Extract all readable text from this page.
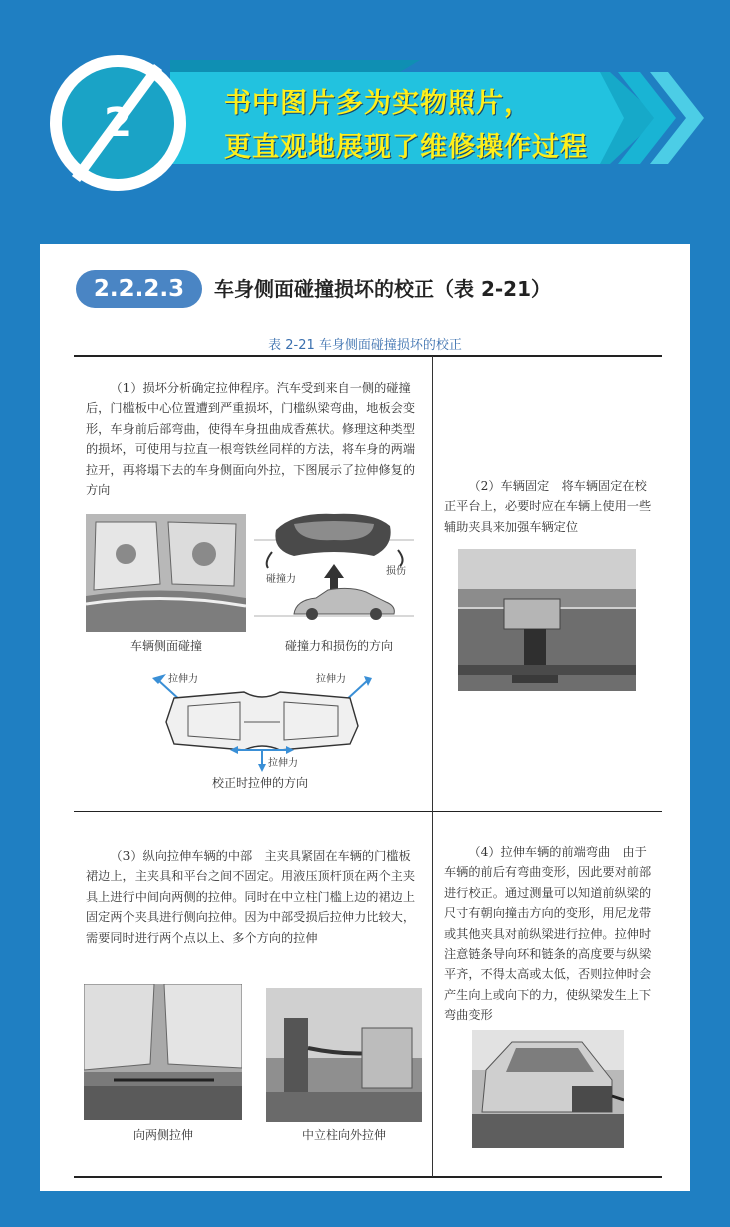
2	书中图片多为实物照片，
更直观地展现了维修操作过程
2.2.2.3	车身侧面碰撞损坏的校正（表 2-21）
表 2-21 车身侧面碰撞损坏的校正

（1）损坏分析确定拉伸程序。汽车受到来自一侧的碰撞后，门槛板中心位置遭到严重损坏，门槛纵梁弯曲，地板会变形，车身前后部弯曲，使得车身扭曲成香蕉状。修理这种类型的损坏，可使用与拉直一根弯铁丝同样的方法，将车身的两端拉开，再将塌下去的车身侧面向外拉，下图展示了拉伸修复的方向

车辆侧面碰撞
碰撞力
损伤
碰撞力和损伤的方向
拉伸力	拉伸力
拉伸力
校正时拉伸的方向

（2）车辆固定　将车辆固定在校正平台上，必要时应在车辆上使用一些辅助夹具来加强车辆定位

（3）纵向拉伸车辆的中部　主夹具紧固在车辆的门槛板裙边上，主夹具和平台之间不固定。用液压顶杆顶在两个主夹具上进行中间向两侧的拉伸。同时在中立柱门槛上边的裙边上固定两个夹具进行侧向拉伸。因为中部受损后拉伸力比较大，需要同时进行两个点以上、多个方向的拉伸

向两侧拉伸	中立柱向外拉伸

（4）拉伸车辆的前端弯曲　由于车辆的前后有弯曲变形，因此要对前部进行校正。通过测量可以知道前纵梁的尺寸有朝向撞击方向的变形，用尼龙带或其他夹具对前纵梁进行拉伸。拉伸时注意链条导向环和链条的高度要与纵梁平齐，不得太高或太低，否则拉伸时会产生向上或向下的力，使纵梁发生上下弯曲变形
